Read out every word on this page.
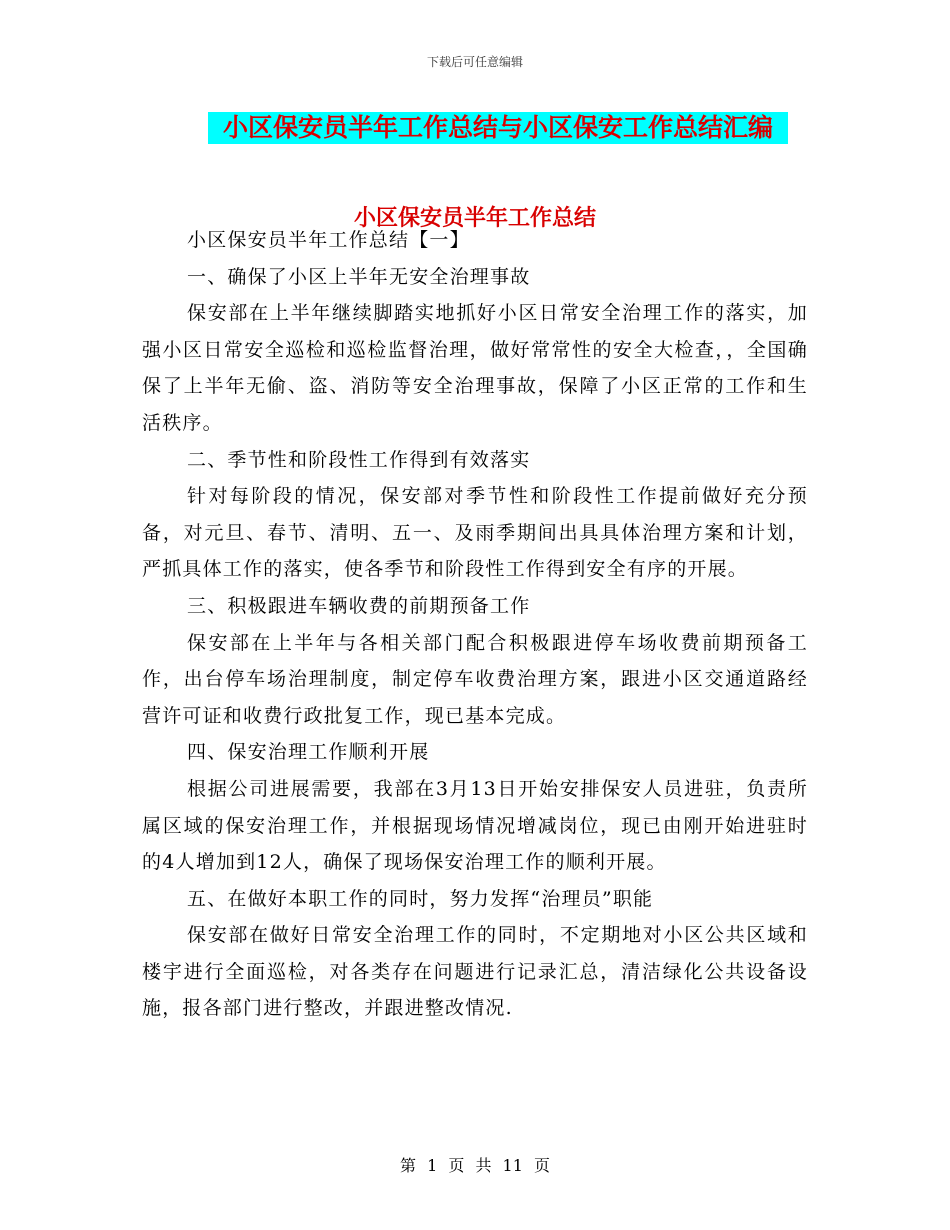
下载后可任意编辑
小区保安员半年工作总结与小区保安工作总结汇编
小区保安员半年工作总结

小区保安员半年工作总结【一】

一、确保了小区上半年无安全治理事故

保安部在上半年继续脚踏实地抓好小区日常安全治理工作的落实，加强小区日常安全巡检和巡检监督治理，做好常常性的安全大检查，，全国确保了上半年无偷、盗、消防等安全治理事故，保障了小区正常的工作和生活秩序。

二、季节性和阶段性工作得到有效落实

针对每阶段的情况，保安部对季节性和阶段性工作提前做好充分预备，对元旦、春节、清明、五一、及雨季期间出具具体治理方案和计划，严抓具体工作的落实，使各季节和阶段性工作得到安全有序的开展。

三、积极跟进车辆收费的前期预备工作

保安部在上半年与各相关部门配合积极跟进停车场收费前期预备工作，出台停车场治理制度，制定停车收费治理方案，跟进小区交通道路经营许可证和收费行政批复工作，现已基本完成。

四、保安治理工作顺利开展

根据公司进展需要，我部在3月13日开始安排保安人员进驻，负责所属区域的保安治理工作，并根据现场情况增减岗位，现已由刚开始进驻时的4人增加到12人，确保了现场保安治理工作的顺利开展。

五、在做好本职工作的同时，努力发挥“治理员”职能

保安部在做好日常安全治理工作的同时，不定期地对小区公共区域和楼宇进行全面巡检，对各类存在问题进行记录汇总，清洁绿化公共设备设施，报各部门进行整改，并跟进整改情况.

第 1 页 共 11 页
